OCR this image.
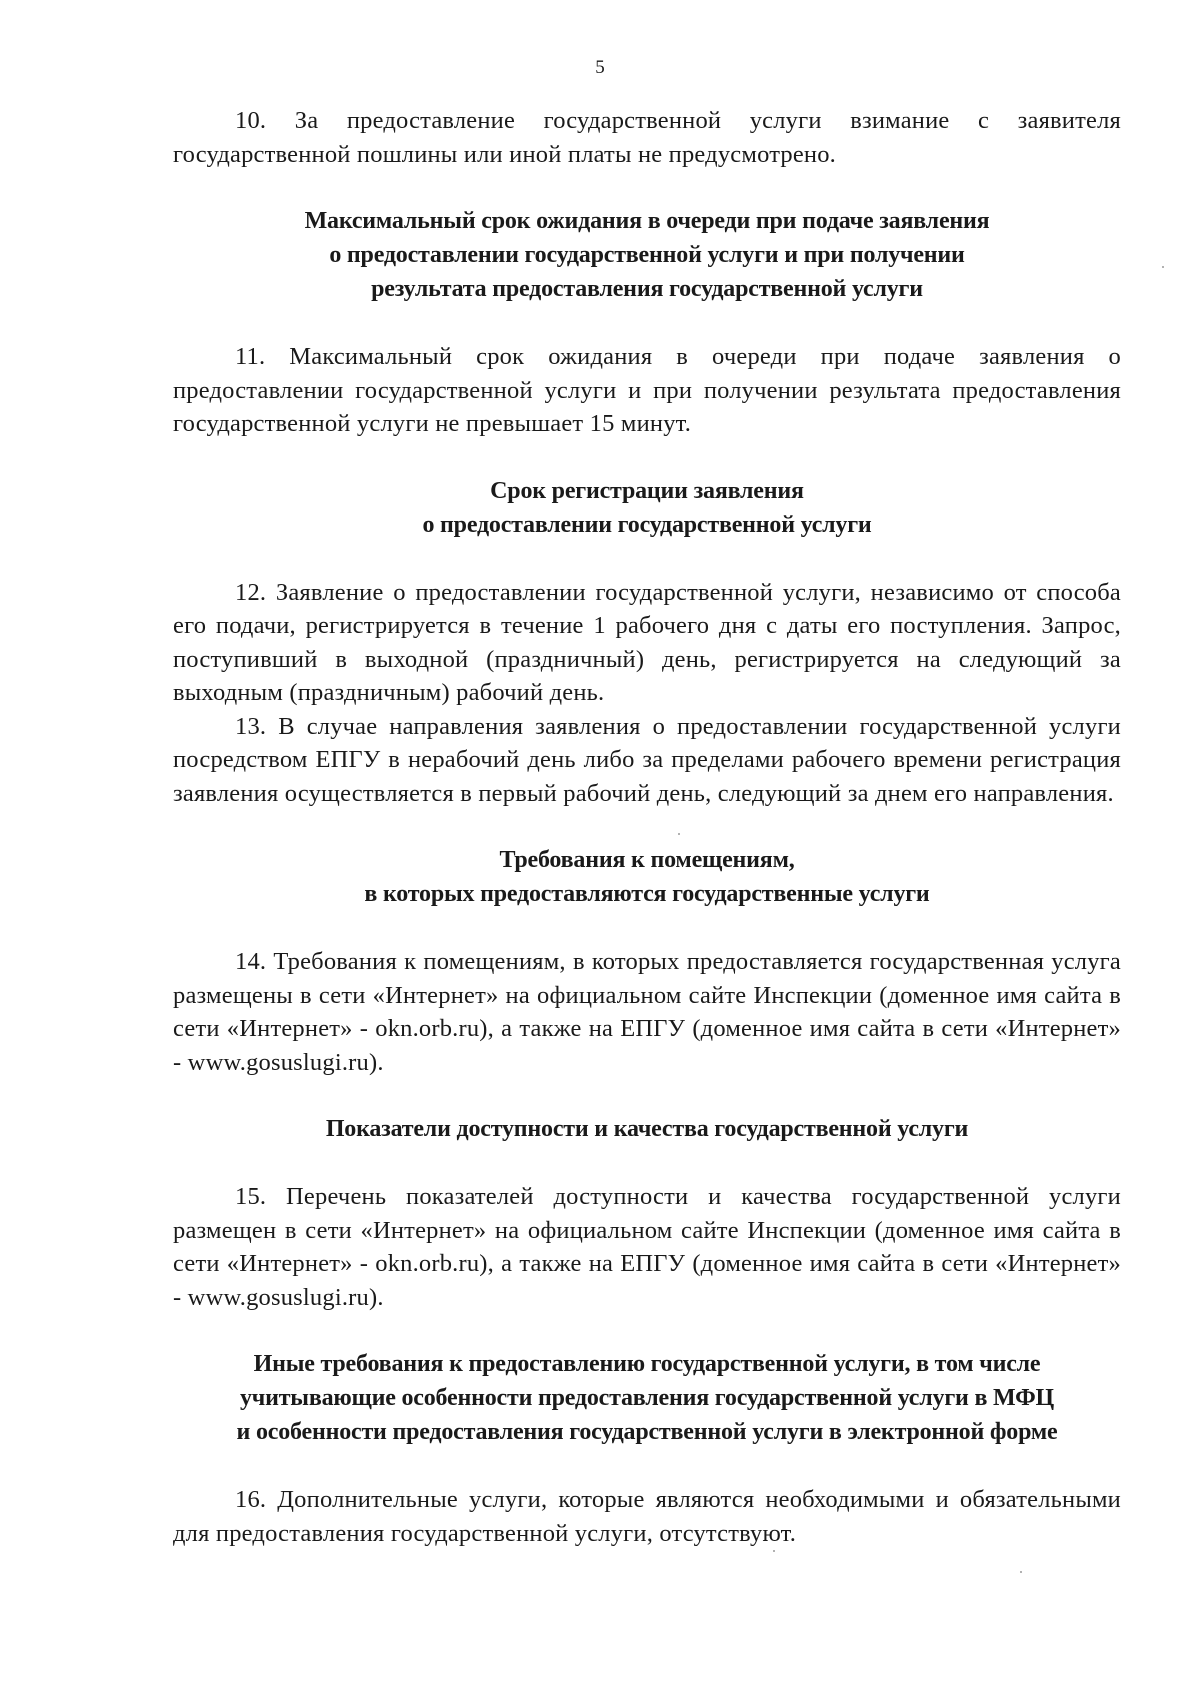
5

10. За предоставление государственной услуги взимание с заявителя государственной пошлины или иной платы не предусмотрено.

Максимальный срок ожидания в очереди при подаче заявления
о предоставлении государственной услуги и при получении
результата предоставления государственной услуги

11. Максимальный срок ожидания в очереди при подаче заявления о предоставлении государственной услуги и при получении результата предоставления государственной услуги не превышает 15 минут.

Срок регистрации заявления
о предоставлении государственной услуги

12. Заявление о предоставлении государственной услуги, независимо от способа его подачи, регистрируется в течение 1 рабочего дня с даты его поступления. Запрос, поступивший в выходной (праздничный) день, регистрируется на следующий за выходным (праздничным) рабочий день.

13. В случае направления заявления о предоставлении государственной услуги посредством ЕПГУ в нерабочий день либо за пределами рабочего времени регистрация заявления осуществляется в первый рабочий день, следующий за днем его направления.

Требования к помещениям,
в которых предоставляются государственные услуги

14. Требования к помещениям, в которых предоставляется государственная услуга размещены в сети «Интернет» на официальном сайте Инспекции (доменное имя сайта в сети «Интернет» - okn.orb.ru), а также на ЕПГУ (доменное имя сайта в сети «Интернет» - www.gosuslugi.ru).

Показатели доступности и качества государственной услуги

15. Перечень показателей доступности и качества государственной услуги размещен в сети «Интернет» на официальном сайте Инспекции (доменное имя сайта в сети «Интернет» - okn.orb.ru), а также на ЕПГУ (доменное имя сайта в сети «Интернет» - www.gosuslugi.ru).

Иные требования к предоставлению государственной услуги, в том числе
учитывающие особенности предоставления государственной услуги в МФЦ
и особенности предоставления государственной услуги в электронной форме

16. Дополнительные услуги, которые являются необходимыми и обязательными для предоставления государственной услуги, отсутствуют.
